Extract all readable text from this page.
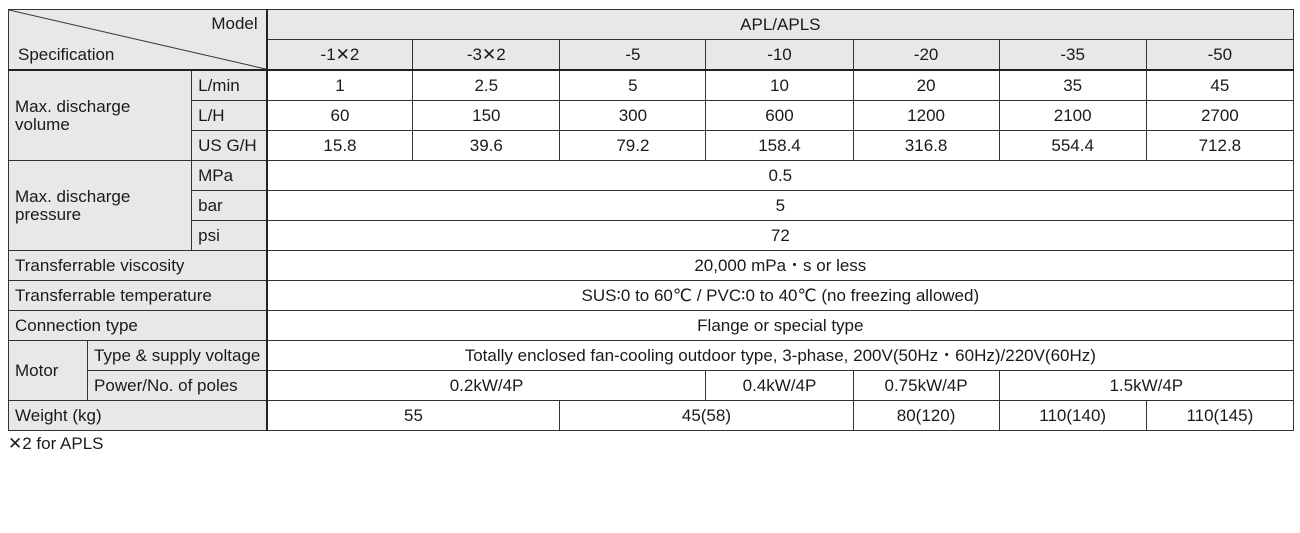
Model
Specification			APL/APLS						
			-1✕2	-3✕2	-5	-10	-20	-35	-50
Max. discharge volume		L/min	1	2.5	5	10	20	35	45
		L/H	60	150	300	600	1200	2100	2700
		US G/H	15.8	39.6	79.2	158.4	316.8	554.4	712.8
Max. discharge pressure		MPa	0.5						
		bar	5						
		psi	72						
Transferrable viscosity			20,000 mPa・s or less						
Transferrable temperature			SUS∶0 to 60℃ / PVC∶0 to 40℃ (no freezing allowed)						
Connection type			Flange or special type						
Motor	Type & supply voltage		Totally enclosed fan-cooling outdoor type, 3-phase, 200V(50Hz・60Hz)/220V(60Hz)						
	Power/No. of poles		0.2kW/4P			0.4kW/4P	0.75kW/4P	1.5kW/4P	
Weight (kg)			55		45(58)		80(120)	110(140)	110(145)
✕2 for APLS
